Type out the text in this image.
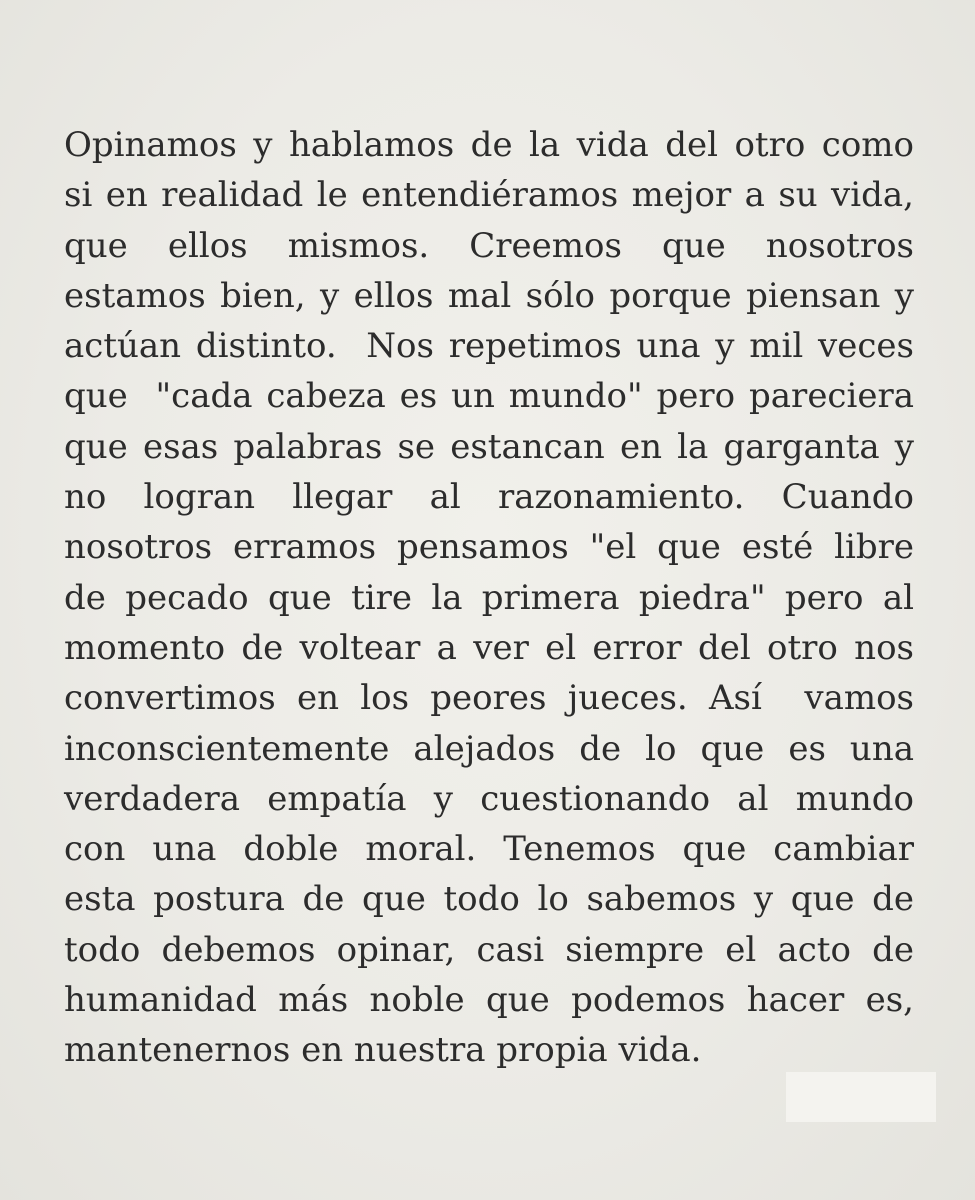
Opinamos y hablamos de la vida del otro como
si en realidad le entendiéramos mejor a su vida,
que ellos mismos. Creemos que nosotros
estamos bien, y ellos mal sólo porque piensan y
actúan distinto.  Nos repetimos una y mil veces
que  "cada cabeza es un mundo" pero pareciera
que esas palabras se estancan en la garganta y
no logran llegar al razonamiento. Cuando
nosotros erramos pensamos "el que esté libre
de pecado que tire la primera piedra" pero al
momento de voltear a ver el error del otro nos
convertimos en los peores jueces. Así  vamos
inconscientemente alejados de lo que es una
verdadera empatía y cuestionando al mundo
con una doble moral. Tenemos que cambiar
esta postura de que todo lo sabemos y que de
todo debemos opinar, casi siempre el acto de
humanidad más noble que podemos hacer es,
mantenernos en nuestra propia vida.
